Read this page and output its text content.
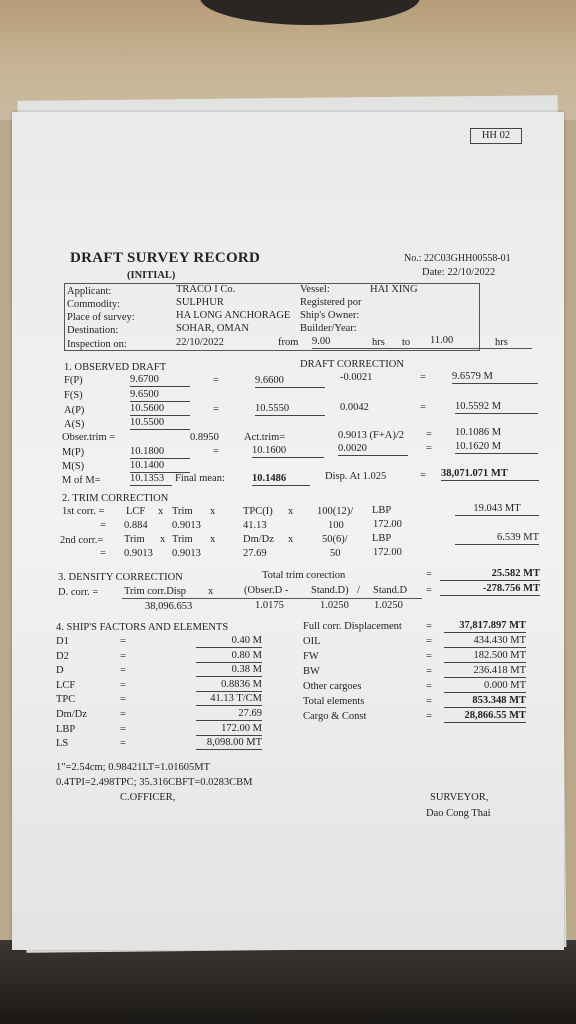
HH 02
DRAFT SURVEY RECORD
(INITIAL)
No.: 22C03GHH00558-01
Date: 22/10/2022
Applicant:	TRACO I Co.
Commodity:	SULPHUR
Place of survey:	HA LONG ANCHORAGE
Destination:	SOHAR, OMAN
Inspection on:	22/10/2022
Vessel:	HAI XING
Registered por
Ship's Owner:
Builder/Year:
from 9.00	hrs to 11.00	hrs
1. OBSERVED DRAFT	DRAFT CORRECTION
F(P)	9.6700	=	9.6600	-0.0021	= 9.6579 M
F(S)	9.6500
A(P)	10.5600	=	10.5550	0.0042	=	10.5592 M
A(S)	10.5500
Obser.trim =	0.8950 Act.trim=	0.9013 (F+A)/2 = 10.1086 M
M(P)	10.1800	=	10.1600	0.0020	= 10.1620 M
M(S)	10.1400
M of M=	10.1353	Final mean:	10.1486	Disp. At 1.025	= 38,071.071 MT
2. TRIM CORRECTION
1st corr. = LCF x Trim x	TPC(I) x 100(12)/ LBP	19.043 MT
= 0.884 0.9013	41.13	100	172.00
2nd corr.= Trim x Trim x	Dm/Dz x	50(6)/ LBP	6.539 MT
= 0.9013 0.9013	27.69	50	172.00
3. DENSITY CORRECTION	Total trim corection	=	25.582 MT
D. corr. = Trim corr.Disp x	(Obser.D - Stand.D) / Stand.D =	-278.756 MT
38,096.653	1.0175	1.0250 1.0250
4. SHIP'S FACTORS AND ELEMENTS
D1	=	0.40 M
D2	=	0.80 M
D	=	0.38 M
LCF	=	0.8836 M
TPC	=	41.13 T/CM
Dm/Dz	=	27.69
LBP	=	172.00 M
LS	=	8,098.00 MT
Full corr. Displacement =	37,817.897 MT
OIL	=	434.430 MT
FW	=	182.500 MT
BW	=	236.418 MT
Other cargoes	=	0.000 MT
Total elements	=	853.348 MT
Cargo & Const	=	28,866.55 MT
1"=2.54cm; 0.98421LT=1.01605MT
0.4TPI=2.498TPC; 35.316CBFT=0.0283CBM
C.OFFICER,	SURVEYOR,
Dao Cong Thai
